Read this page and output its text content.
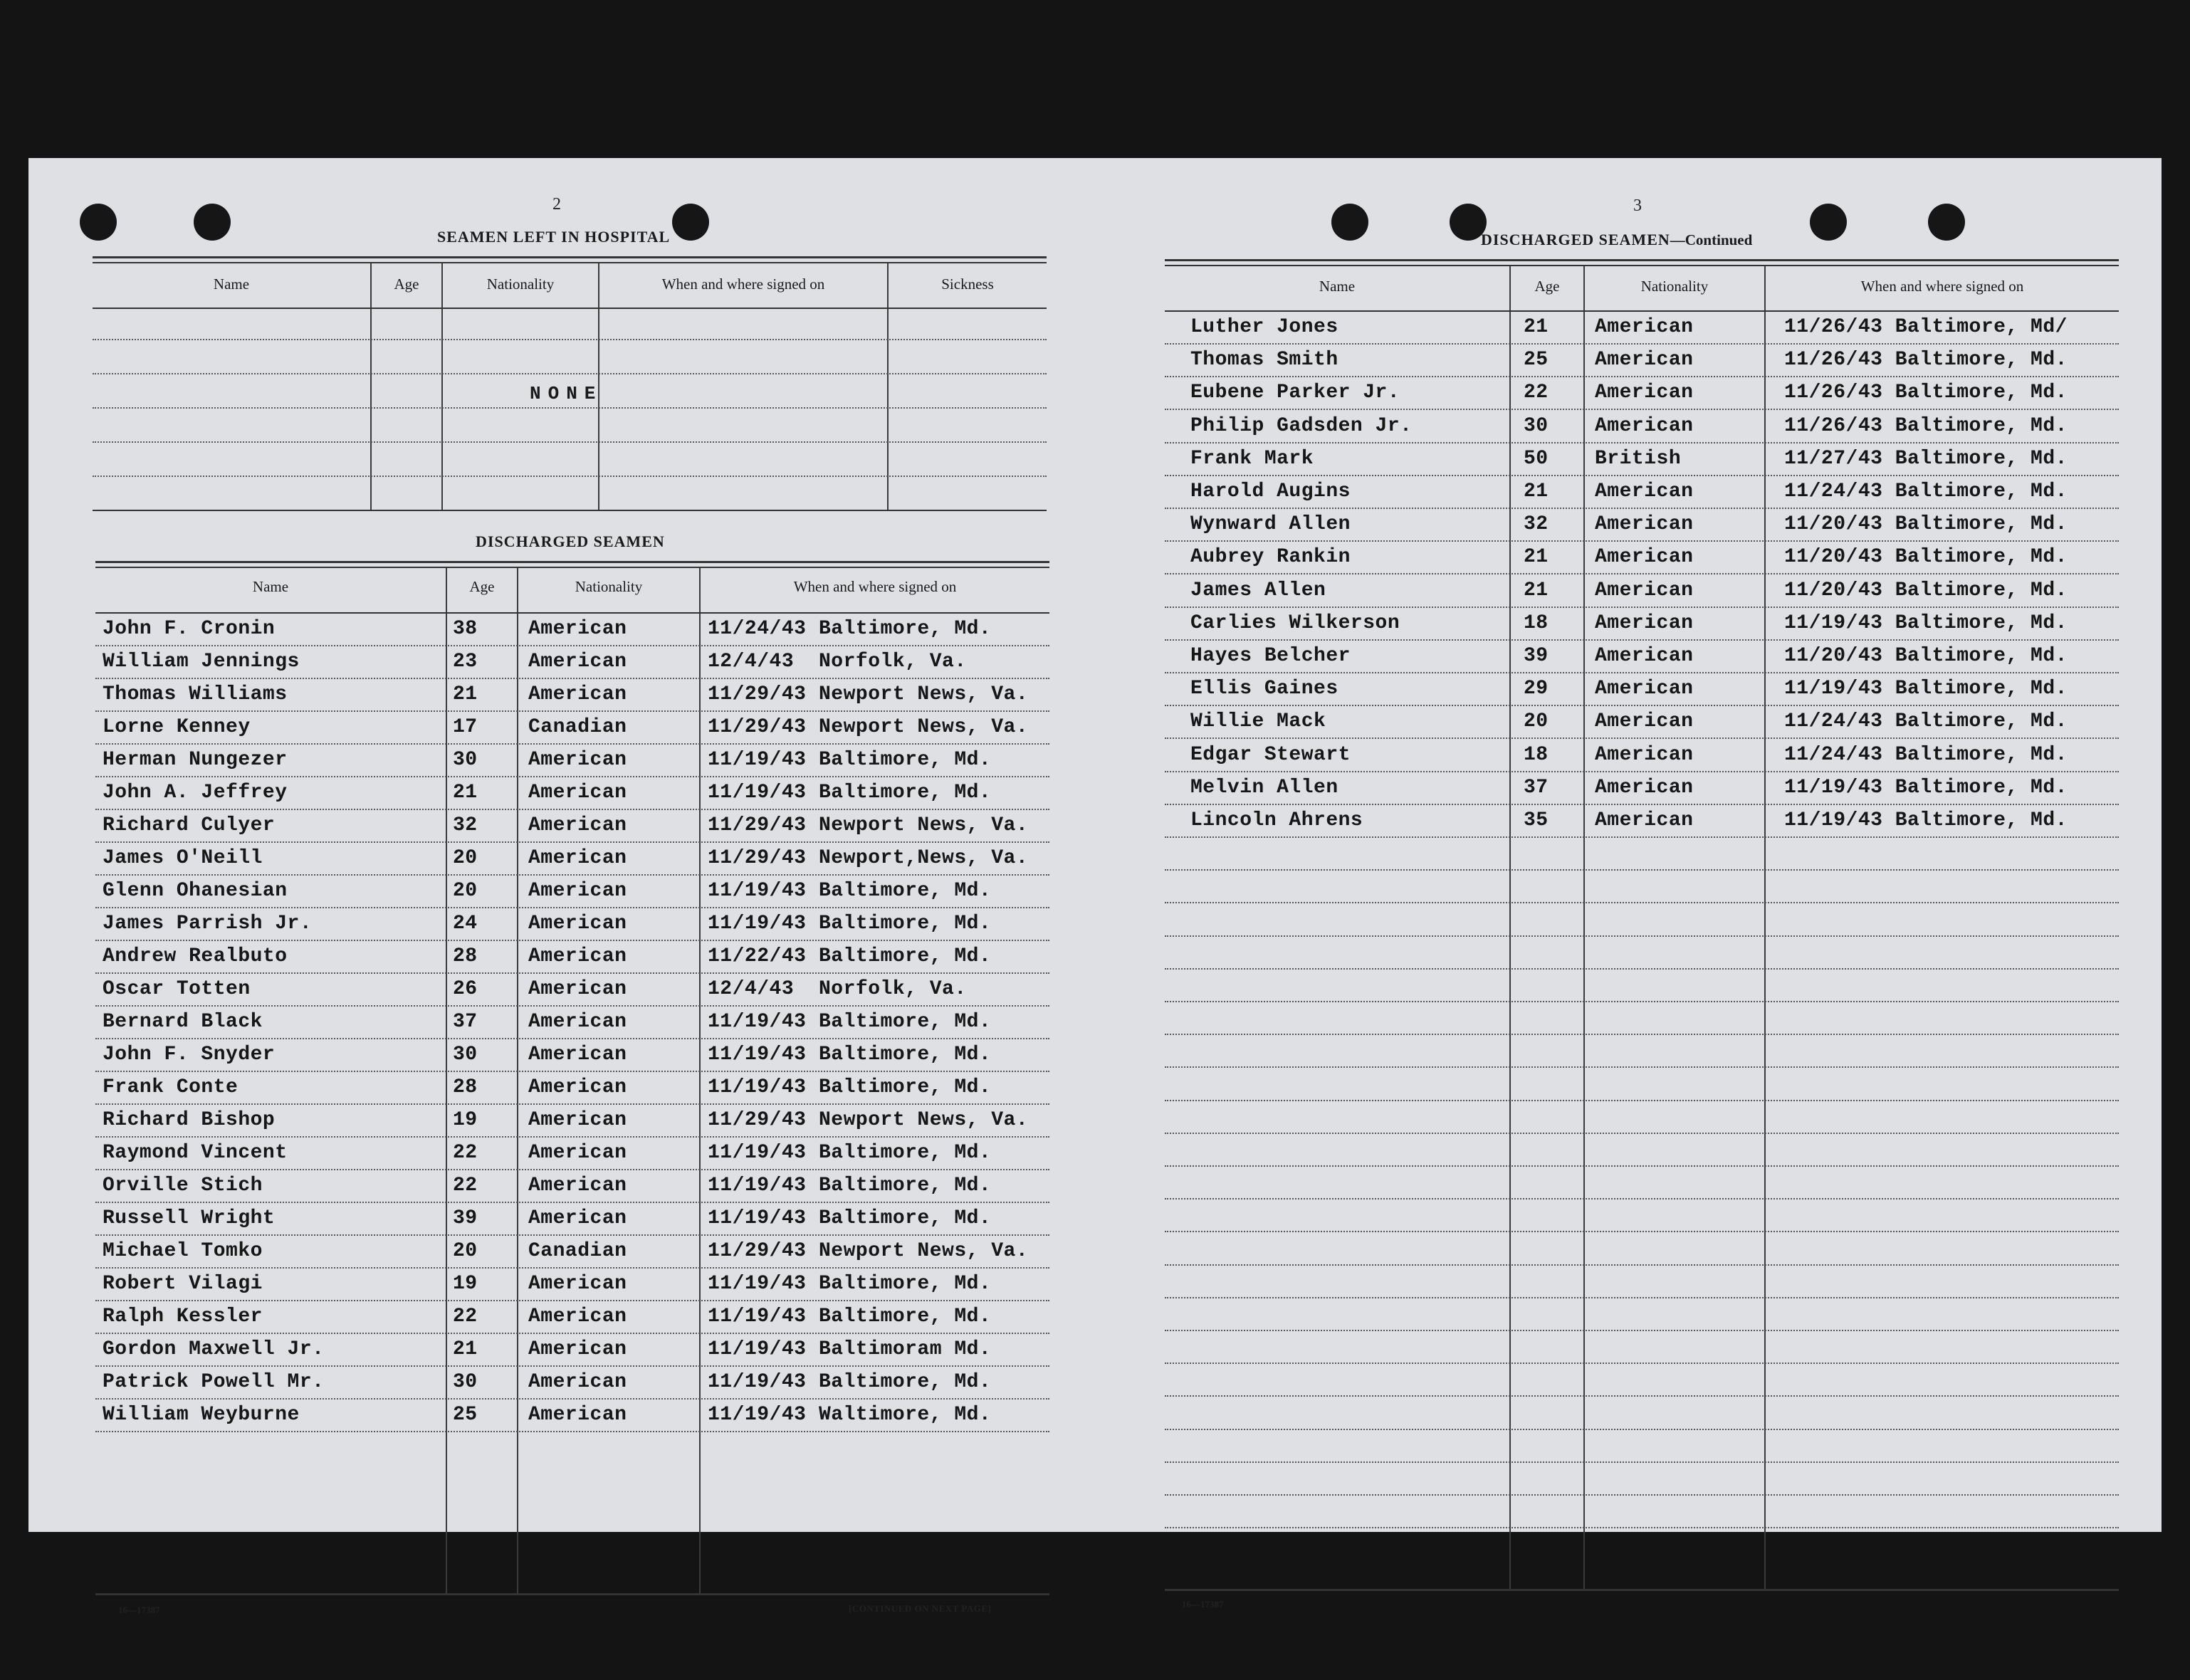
2
SEAMEN LEFT IN HOSPITAL
Name	Age	Nationality	When and where signed on	Sickness
NONE
DISCHARGED SEAMEN
Name	Age	Nationality	When and where signed on
John F. Cronin	38	American	11/24/43 Baltimore, Md.
William Jennings	23	American	12/4/43 Norfolk, Va.
Thomas Williams	21	American	11/29/43 Newport News, Va.
Lorne Kenney	17	Canadian	11/29/43 Newport News, Va.
Herman Nungezer	30	American	11/19/43 Baltimore, Md.
John A. Jeffrey	21	American	11/19/43 Baltimore, Md.
Richard Culyer	32	American	11/29/43 Newport News, Va.
James O'Neill	20	American	11/29/43 Newport,News, Va.
Glenn Ohanesian	20	American	11/19/43 Baltimore, Md.
James Parrish Jr.	24	American	11/19/43 Baltimore, Md.
Andrew Realbuto	28	American	11/22/43 Baltimore, Md.
Oscar Totten	26	American	12/4/43 Norfolk, Va.
Bernard Black	37	American	11/19/43 Baltimore, Md.
John F. Snyder	30	American	11/19/43 Baltimore, Md.
Frank Conte	28	American	11/19/43 Baltimore, Md.
Richard Bishop	19	American	11/29/43 Newport News, Va.
Raymond Vincent	22	American	11/19/43 Baltimore, Md.
Orville Stich	22	American	11/19/43 Baltimore, Md.
Russell Wright	39	American	11/19/43 Baltimore, Md.
Michael Tomko	20	Canadian	11/29/43 Newport News, Va.
Robert Vilagi	19	American	11/19/43 Baltimore, Md.
Ralph Kessler	22	American	11/19/43 Baltimore, Md.
Gordon Maxwell Jr.	21	American	11/19/43 Baltimoram Md.
Patrick Powell Mr.	30	American	11/19/43 Baltimore, Md.
William Weyburne	25	American	11/19/43 Waltimore, Md.
16—17387	[CONTINUED ON NEXT PAGE]
3
DISCHARGED SEAMEN—Continued
Name	Age	Nationality	When and where signed on
Luther Jones	21 American	11/26/43 Baltimore, Md/
Thomas Smith	25 American	11/26/43 Baltimore, Md.
Eubene Parker Jr.	22 American	11/26/43 Baltimore, Md.
Philip Gadsden Jr.	30 American	11/26/43 Baltimore, Md.
Frank Mark	50 British	11/27/43 Baltimore, Md.
Harold Augins	21 American	11/24/43 Baltimore, Md.
Wynward Allen	32 American	11/20/43 Baltimore, Md.
Aubrey Rankin	21 American	11/20/43 Baltimore, Md.
James Allen	21 American	11/20/43 Baltimore, Md.
Carlies Wilkerson	18 American	11/19/43 Baltimore, Md.
Hayes Belcher	39 American	11/20/43 Baltimore, Md.
Ellis Gaines	29 American	11/19/43 Baltimore, Md.
Willie Mack	20 American	11/24/43 Baltimore, Md.
Edgar Stewart	18 American	11/24/43 Baltimore, Md.
Melvin Allen	37 American	11/19/43 Baltimore, Md.
Lincoln Ahrens	35 American	11/19/43 Baltimore, Md.
16—17387
